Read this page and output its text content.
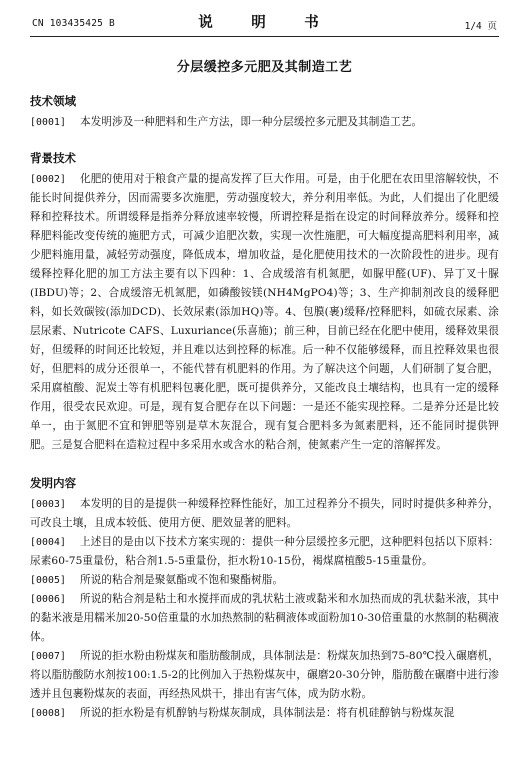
CN 103435425 B	说　明　书	1/4 页
分层缓控多元肥及其制造工艺
技术领域

[0001] 本发明涉及一种肥料和生产方法，即一种分层缓控多元肥及其制造工艺。

背景技术

[0002] 化肥的使用对于粮食产量的提高发挥了巨大作用。可是，由于化肥在农田里溶解较快，不能长时间提供养分，因而需要多次施肥，劳动强度较大，养分利用率低。为此，人们提出了化肥缓释和控释技术。所谓缓释是指养分释放速率较慢，所谓控释是指在设定的时间释放养分。缓释和控释肥料能改变传统的施肥方式，可减少追肥次数，实现一次性施肥，可大幅度提高肥料利用率，减少肥料施用量，减轻劳动强度，降低成本，增加收益，是化肥使用技术的一次阶段性的进步。现有缓释控释化肥的加工方法主要有以下四种：1、合成缓溶有机氮肥，如脲甲醛(UF)、异丁叉十脲(IBDU)等；2、合成缓溶无机氮肥，如磷酸铵镁(NH4MgPO4)等；3、生产抑制剂改良的缓释肥料，如长效碳铵(添加DCD)、长效尿素(添加HQ)等。4、包膜(裹)缓释/控释肥料，如硫衣尿素、涂层尿素、Nutricote CAFS、Luxuriance(乐喜施)；前三种，目前已经在化肥中使用，缓释效果很好，但缓释的时间还比较短，并且难以达到控释的标准。后一种不仅能够缓释，而且控释效果也很好，但肥料的成分还很单一，不能代替有机肥料的作用。为了解决这个问题，人们研制了复合肥，采用腐植酸、泥炭土等有机肥料包裹化肥，既可提供养分，又能改良土壤结构，也具有一定的缓释作用，很受农民欢迎。可是，现有复合肥存在以下问题：一是还不能实现控释。二是养分还是比较单一，由于氮肥不宜和钾肥等别是草木灰混合，现有复合肥料多为氮素肥料，还不能同时提供钾肥。三是复合肥料在造粒过程中多采用水或含水的粘合剂，使氮素产生一定的溶解挥发。

发明内容

[0003] 本发明的目的是提供一种缓释控释性能好，加工过程养分不损失，同时时提供多种养分，可改良土壤，且成本较低、使用方便、肥效显著的肥料。

[0004] 上述目的是由以下技术方案实现的：提供一种分层缓控多元肥，这种肥料包括以下原料：尿素60-75重量份，粘合剂1.5-5重量份，拒水粉10-15份，褐煤腐植酸5-15重量份。

[0005] 所说的粘合剂是聚氨酯或不饱和聚酯树脂。

[0006] 所说的粘合剂是粘土和水搅拌而成的乳状粘土液或黏米和水加热而成的乳状黏米液，其中的黏米液是用糯米加20-50倍重量的水加热熬制的粘稠液体或面粉加10-30倍重量的水熬制的粘稠液体。

[0007] 所说的拒水粉由粉煤灰和脂肪酸制成，具体制法是：粉煤灰加热到75-80℃投入碾磨机，将以脂肪酸防水剂按100:1.5-2的比例加入于热粉煤灰中，碾磨20-30分钟，脂肪酸在碾磨中进行渗透并且包裹粉煤灰的表面，再经热风烘干，排出有害气体，成为防水粉。

[0008] 所说的拒水粉是有机醇钠与粉煤灰制成，具体制法是：将有机硅醇钠与粉煤灰混
